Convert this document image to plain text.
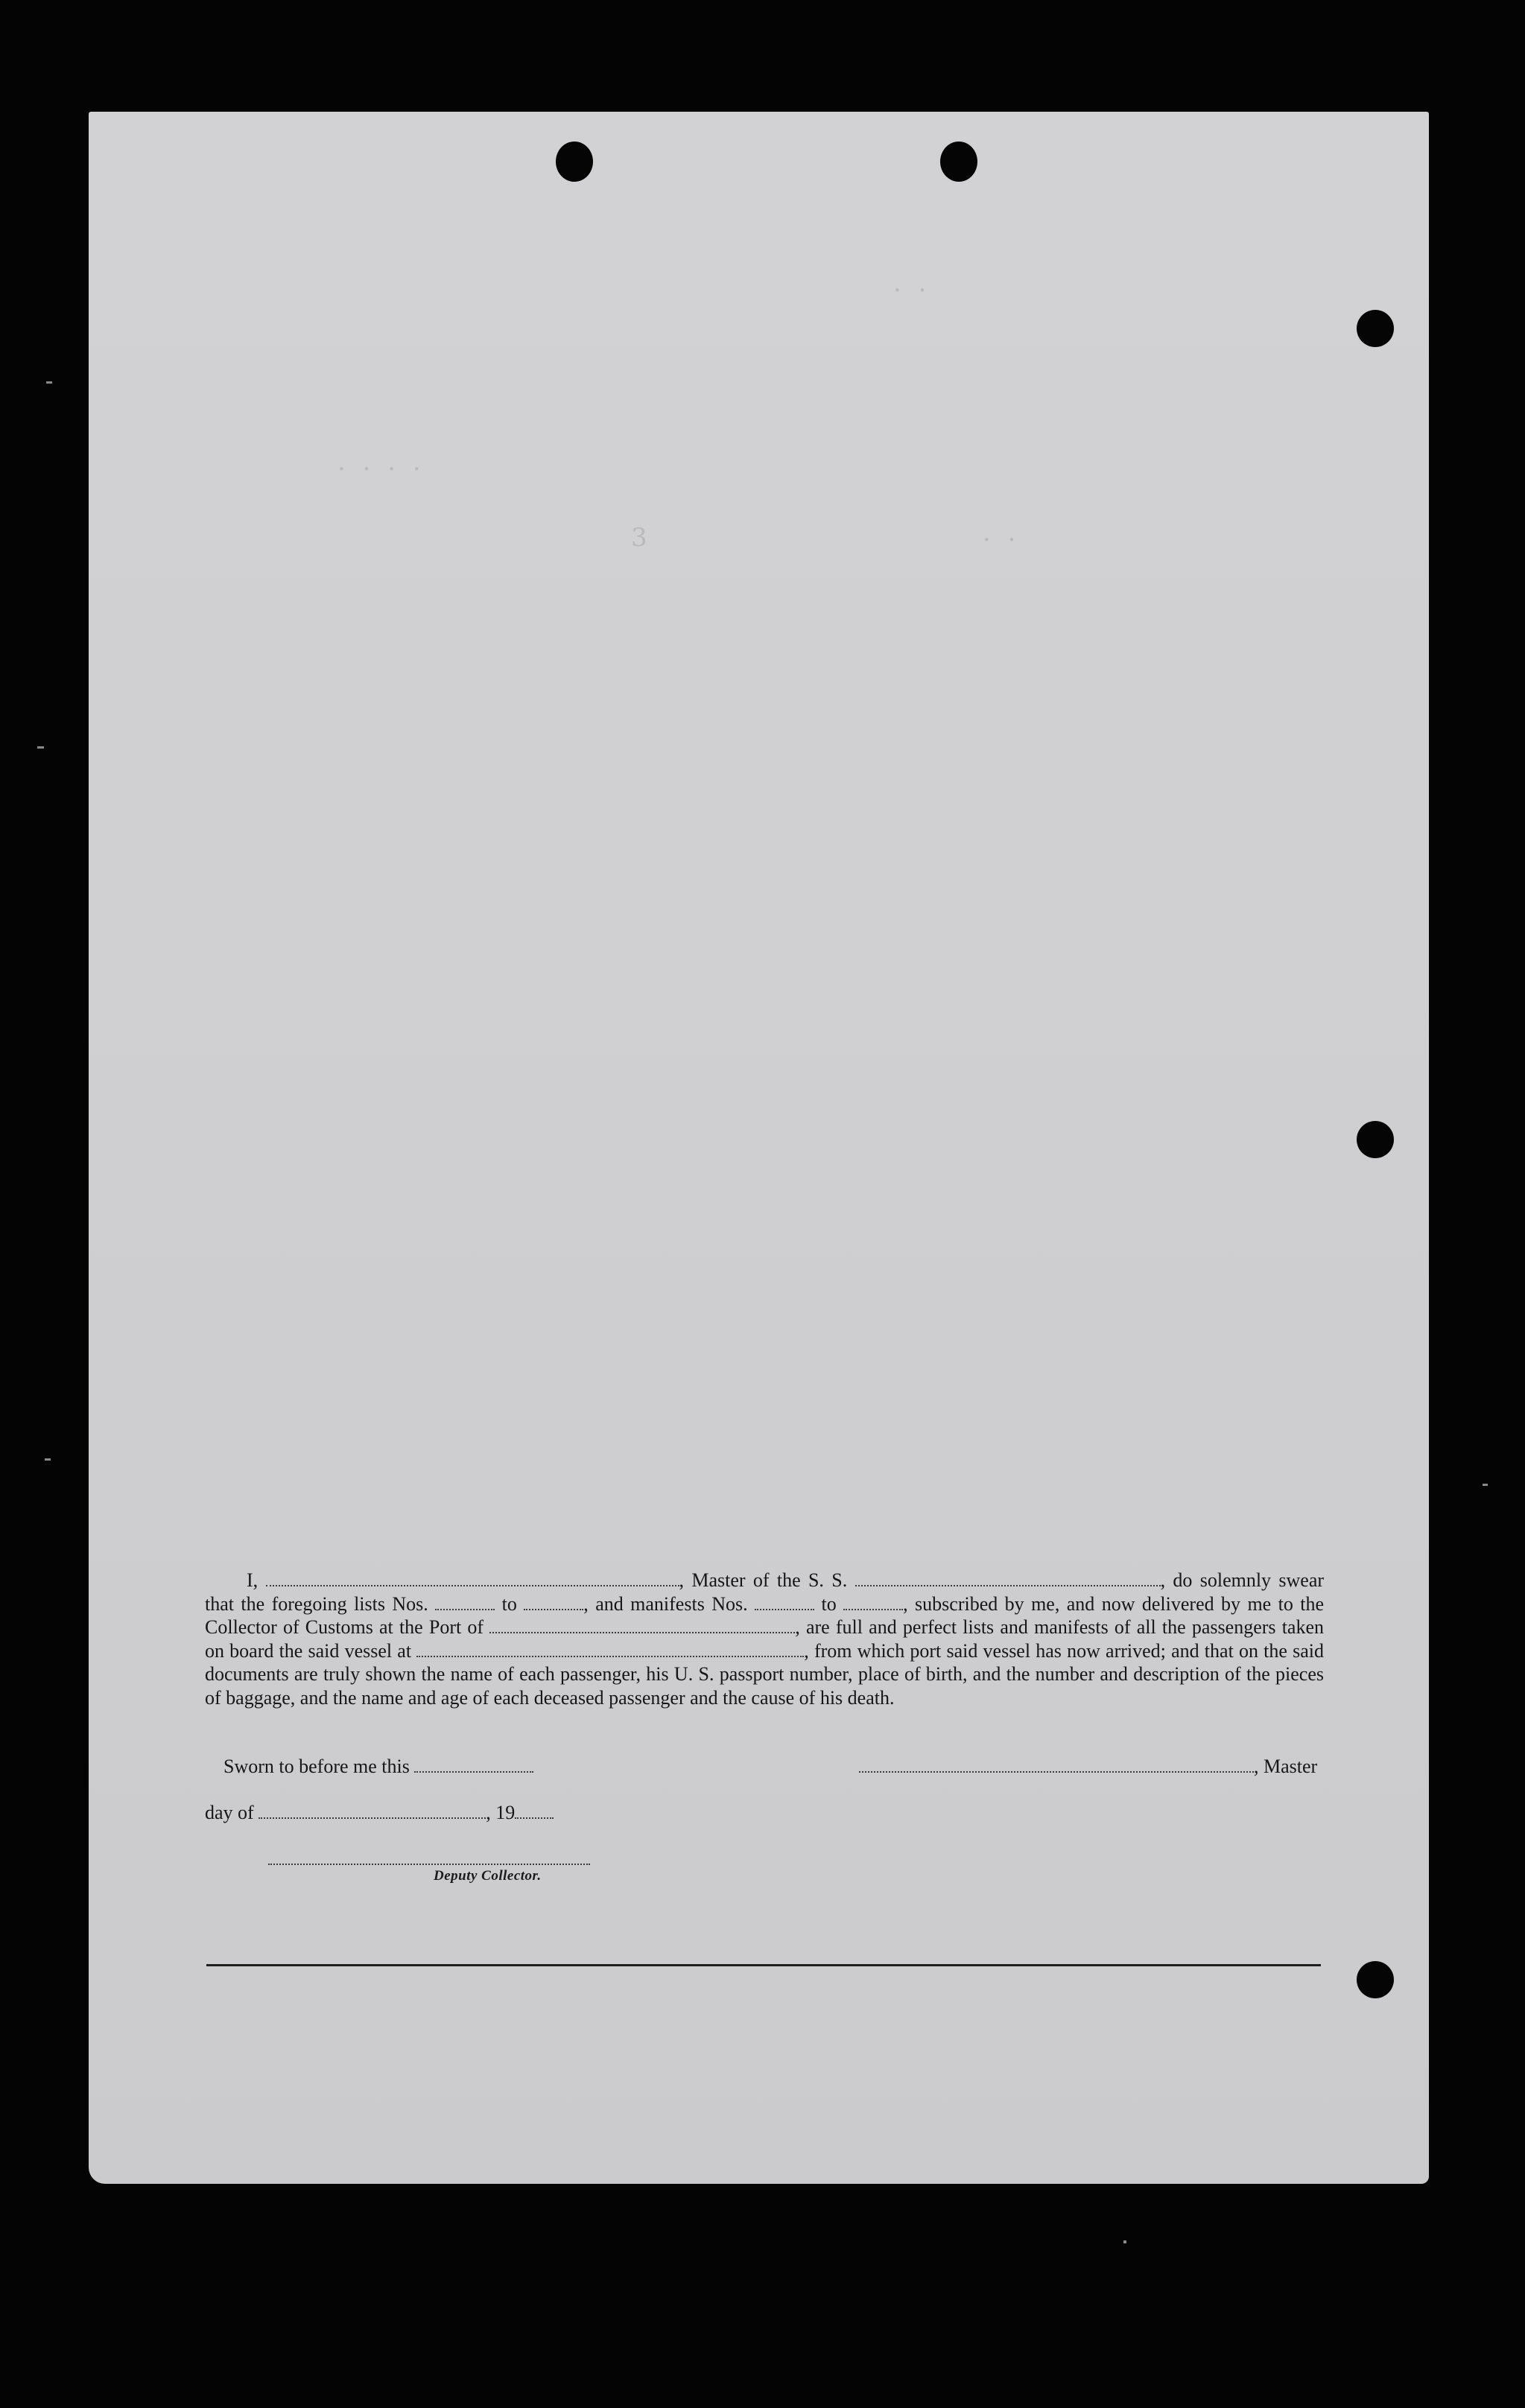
· · · ·
3	· ·
· ·

I,	, Master of the S. S.	, do solemnly swear that the foregoing lists Nos.	to	, and manifests Nos.	to	, subscribed by me, and now delivered by me to the Collector of Customs at the Port of	, are full and perfect lists and manifests of all the passengers taken on board the said vessel at	, from which port said vessel has now arrived; and that on the said documents are truly shown the name of each passenger, his U. S. passport number, place of birth, and the number and description of the pieces of baggage, and the name and age of each deceased passenger and the cause of his death.

Sworn to before me this	, Master
day of	, 19
Deputy Collector.
